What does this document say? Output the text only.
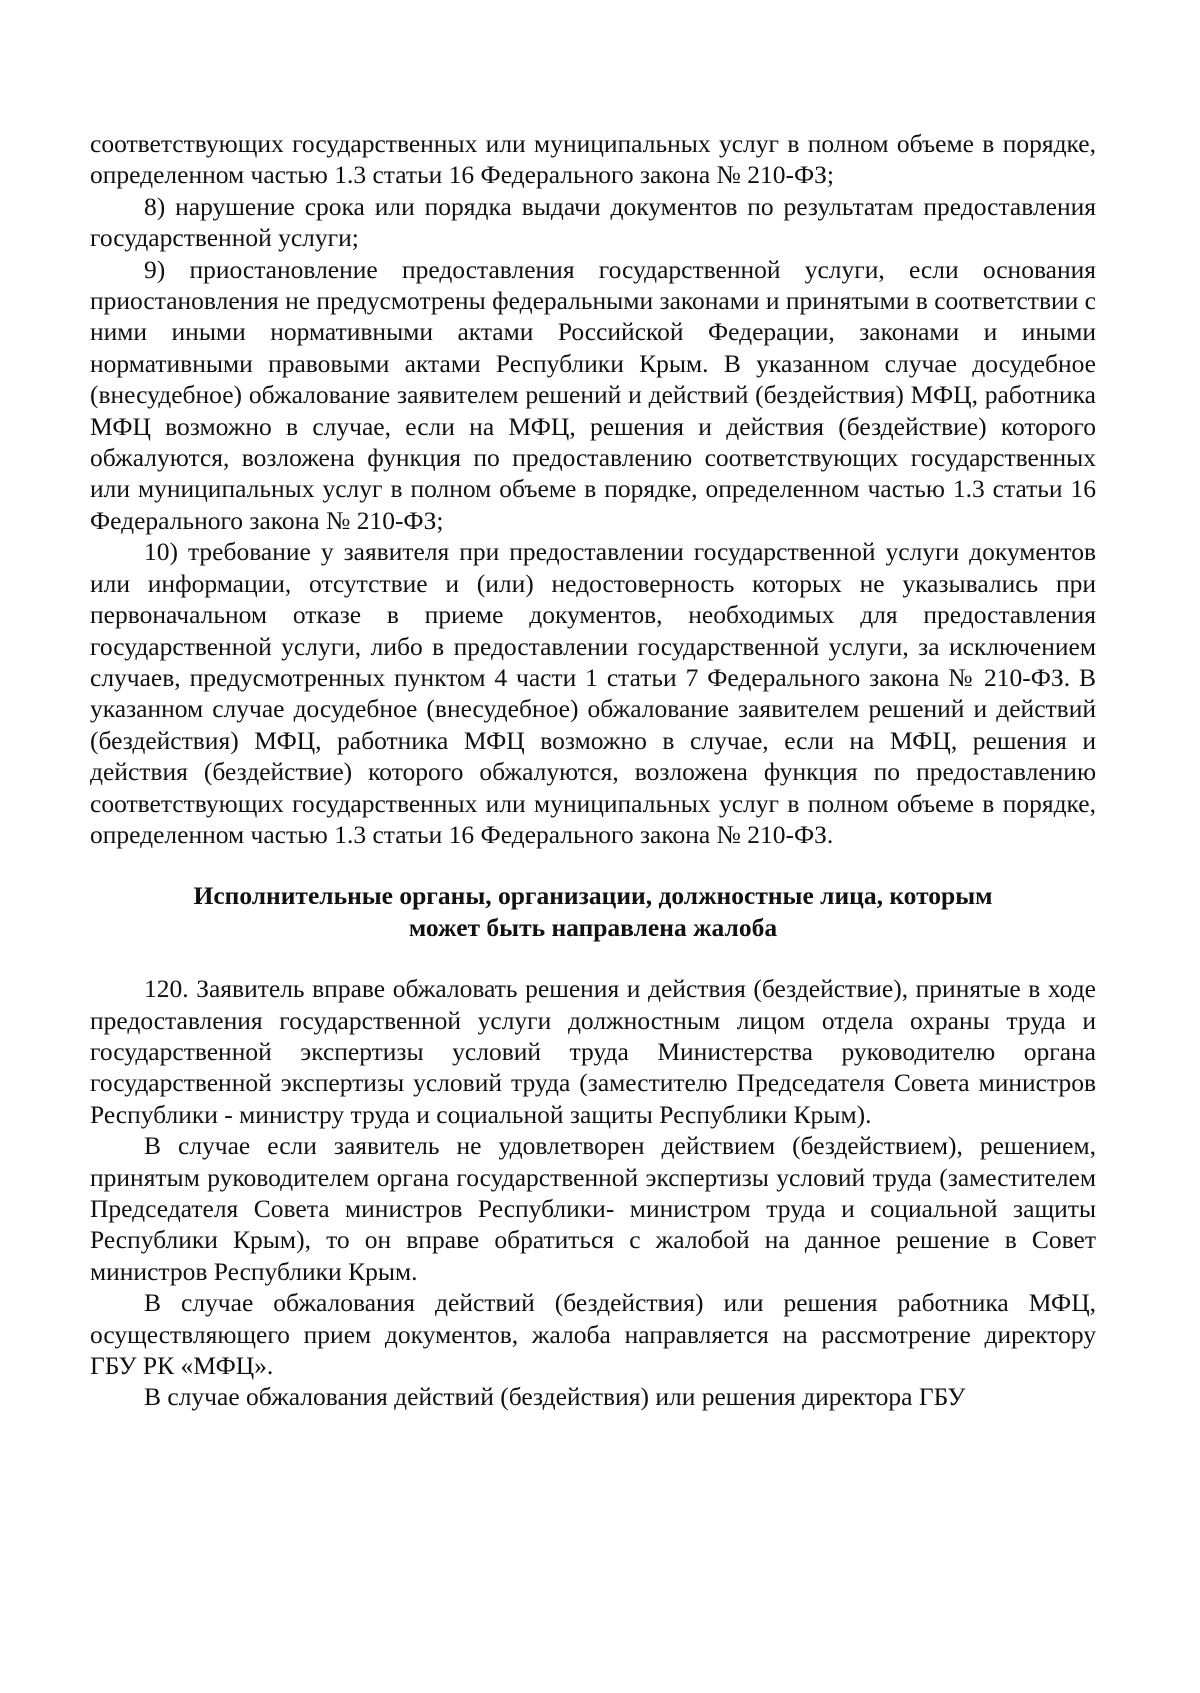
соответствующих государственных или муниципальных услуг в полном объеме в порядке, определенном частью 1.3 статьи 16 Федерального закона № 210-ФЗ;

8) нарушение срока или порядка выдачи документов по результатам предоставления государственной услуги;

9) приостановление предоставления государственной услуги, если основания приостановления не предусмотрены федеральными законами и принятыми в соответствии с ними иными нормативными актами Российской Федерации, законами и иными нормативными правовыми актами Республики Крым. В указанном случае досудебное (внесудебное) обжалование заявителем решений и действий (бездействия) МФЦ, работника МФЦ возможно в случае, если на МФЦ, решения и действия (бездействие) которого обжалуются, возложена функция по предоставлению соответствующих государственных или муниципальных услуг в полном объеме в порядке, определенном частью 1.3 статьи 16 Федерального закона № 210-ФЗ;

10) требование у заявителя при предоставлении государственной услуги документов или информации, отсутствие и (или) недостоверность которых не указывались при первоначальном отказе в приеме документов, необходимых для предоставления государственной услуги, либо в предоставлении государственной услуги, за исключением случаев, предусмотренных пунктом 4 части 1 статьи 7 Федерального закона № 210-ФЗ. В указанном случае досудебное (внесудебное) обжалование заявителем решений и действий (бездействия) МФЦ, работника МФЦ возможно в случае, если на МФЦ, решения и действия (бездействие) которого обжалуются, возложена функция по предоставлению соответствующих государственных или муниципальных услуг в полном объеме в порядке, определенном частью 1.3 статьи 16 Федерального закона № 210-ФЗ.

Исполнительные органы, организации, должностные лица, которым
может быть направлена жалоба

120. Заявитель вправе обжаловать решения и действия (бездействие), принятые в ходе предоставления государственной услуги должностным лицом отдела охраны труда и государственной экспертизы условий труда Министерства руководителю органа государственной экспертизы условий труда (заместителю Председателя Совета министров Республики - министру труда и социальной защиты Республики Крым).

В случае если заявитель не удовлетворен действием (бездействием), решением, принятым руководителем органа государственной экспертизы условий труда (заместителем Председателя Совета министров Республики- министром труда и социальной защиты Республики Крым), то он вправе обратиться с жалобой на данное решение в Совет министров Республики Крым.

В случае обжалования действий (бездействия) или решения работника МФЦ, осуществляющего прием документов, жалоба направляется на рассмотрение директору ГБУ РК «МФЦ».

В случае обжалования действий (бездействия) или решения директора ГБУ
